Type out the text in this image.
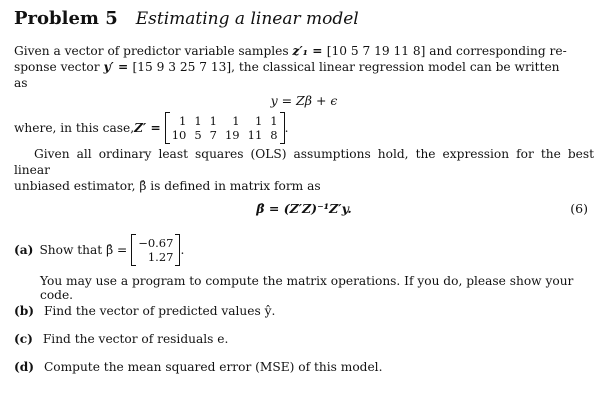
Problem 5 Estimating a linear model
Given a vector of predictor variable samples z′₁ = [10 5 7 19 11 8] and corresponding re-
sponse vector y′ = [15 9 3 25 7 13], the classical linear regression model can be written
as
y = Zβ + ϵ
where, in this case, Z′ =
1 1 1	1	1 1
10 5 7 19 11 8 .
Given all ordinary least squares (OLS) assumptions hold, the expression for the best linear
unbiased estimator, β̂ is defined in matrix form as
β̂ = (Z′Z)⁻¹Z′y.	(6)
(a) Show that β̂ =
−0.67
1.27 .
You may use a program to compute the matrix operations. If you do, please show your code.
(b) Find the vector of predicted values ŷ.
(c) Find the vector of residuals e.
(d) Compute the mean squared error (MSE) of this model.
